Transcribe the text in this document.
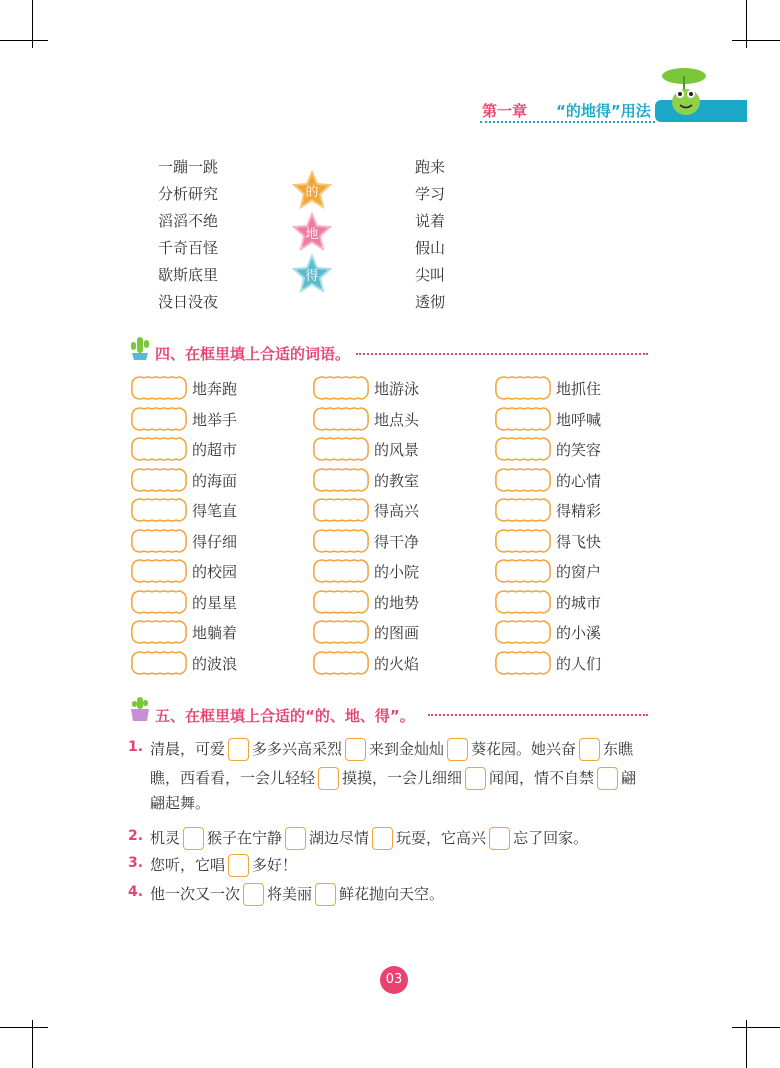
第一章 “的地得”用法
一蹦一跳
分析研究
滔滔不绝
千奇百怪
歇斯底里
没日没夜
跑来
学习
说着
假山
尖叫
透彻
的
地
得
四、在框里填上合适的词语。
地奔跑
地举手
的超市
的海面
得笔直
得仔细
的校园
的星星
地躺着
的波浪
地游泳
地点头
的风景
的教室
得高兴
得干净
的小院
的地势
的图画
的火焰
地抓住
地呼喊
的笑容
的心情
得精彩
得飞快
的窗户
的城市
的小溪
的人们
五、在框里填上合适的“的、地、得”。
1. 清晨，可爱 多多兴高采烈 来到金灿灿 葵花园。她兴奋 东瞧
瞧，西看看，一会儿轻轻 摸摸，一会儿细细 闻闻，情不自禁 翩
翩起舞。
2. 机灵 猴子在宁静 湖边尽情 玩耍，它高兴 忘了回家。
3. 您听，它唱 多好！
4. 他一次又一次 将美丽 鲜花抛向天空。
03
